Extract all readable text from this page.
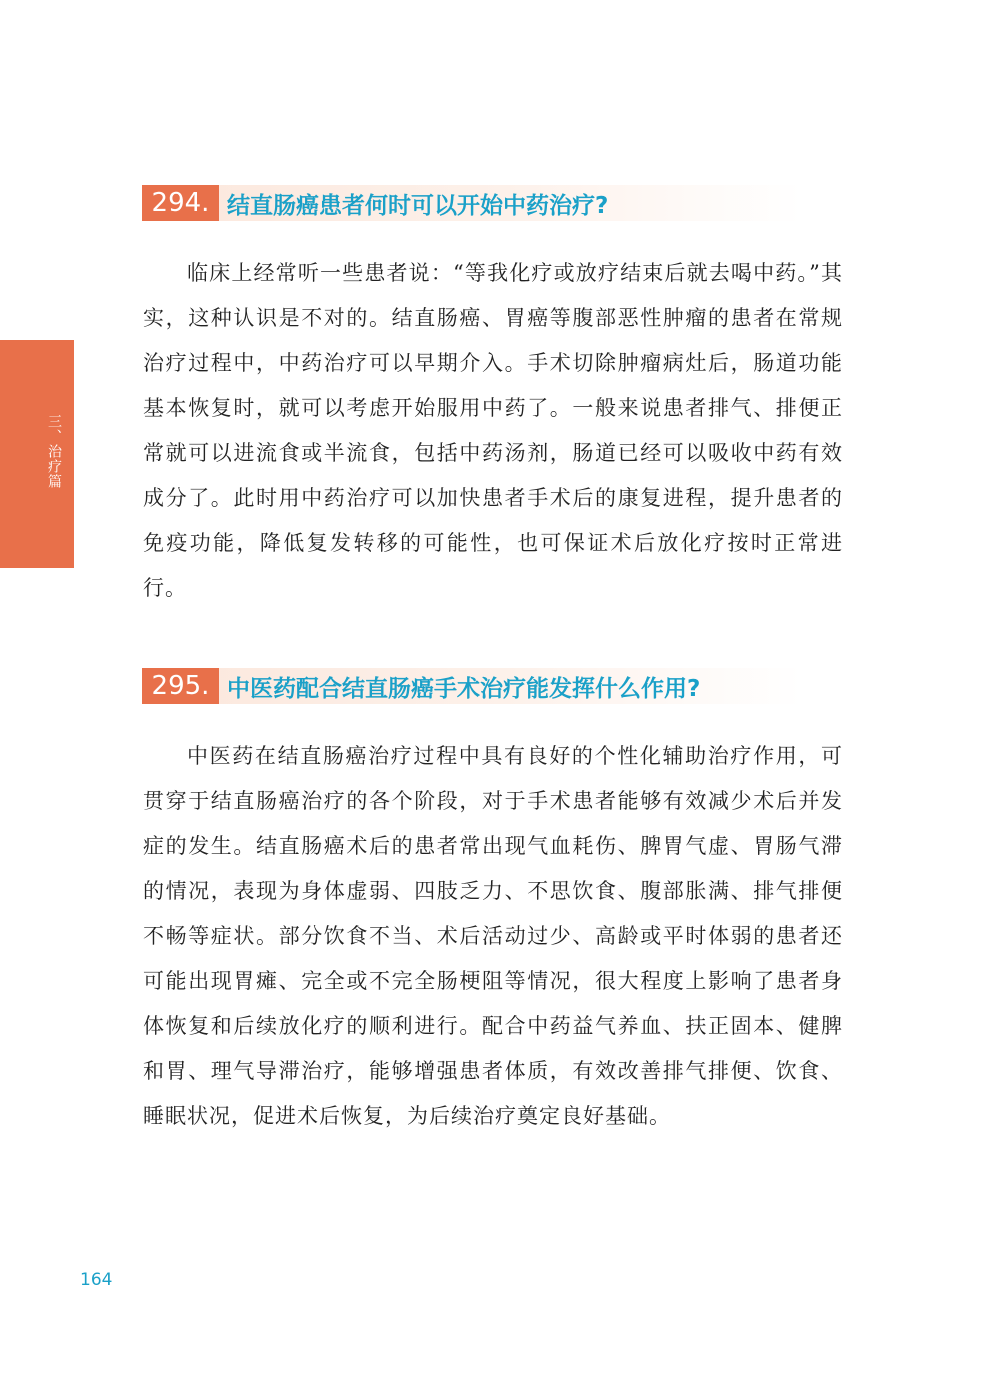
三、治疗篇
294. 结直肠癌患者何时可以开始中药治疗?

临床上经常听一些患者说：“等我化疗或放疗结束后就去喝中药。”其实，这种认识是不对的。结直肠癌、胃癌等腹部恶性肿瘤的患者在常规治疗过程中，中药治疗可以早期介入。手术切除肿瘤病灶后，肠道功能基本恢复时，就可以考虑开始服用中药了。一般来说患者排气、排便正常就可以进流食或半流食，包括中药汤剂，肠道已经可以吸收中药有效成分了。此时用中药治疗可以加快患者手术后的康复进程，提升患者的免疫功能，降低复发转移的可能性，也可保证术后放化疗按时正常进行。

295. 中医药配合结直肠癌手术治疗能发挥什么作用?

中医药在结直肠癌治疗过程中具有良好的个性化辅助治疗作用，可贯穿于结直肠癌治疗的各个阶段，对于手术患者能够有效减少术后并发症的发生。结直肠癌术后的患者常出现气血耗伤、脾胃气虚、胃肠气滞的情况，表现为身体虚弱、四肢乏力、不思饮食、腹部胀满、排气排便不畅等症状。部分饮食不当、术后活动过少、高龄或平时体弱的患者还可能出现胃瘫、完全或不完全肠梗阻等情况，很大程度上影响了患者身体恢复和后续放化疗的顺利进行。配合中药益气养血、扶正固本、健脾和胃、理气导滞治疗，能够增强患者体质，有效改善排气排便、饮食、睡眠状况，促进术后恢复，为后续治疗奠定良好基础。

164
